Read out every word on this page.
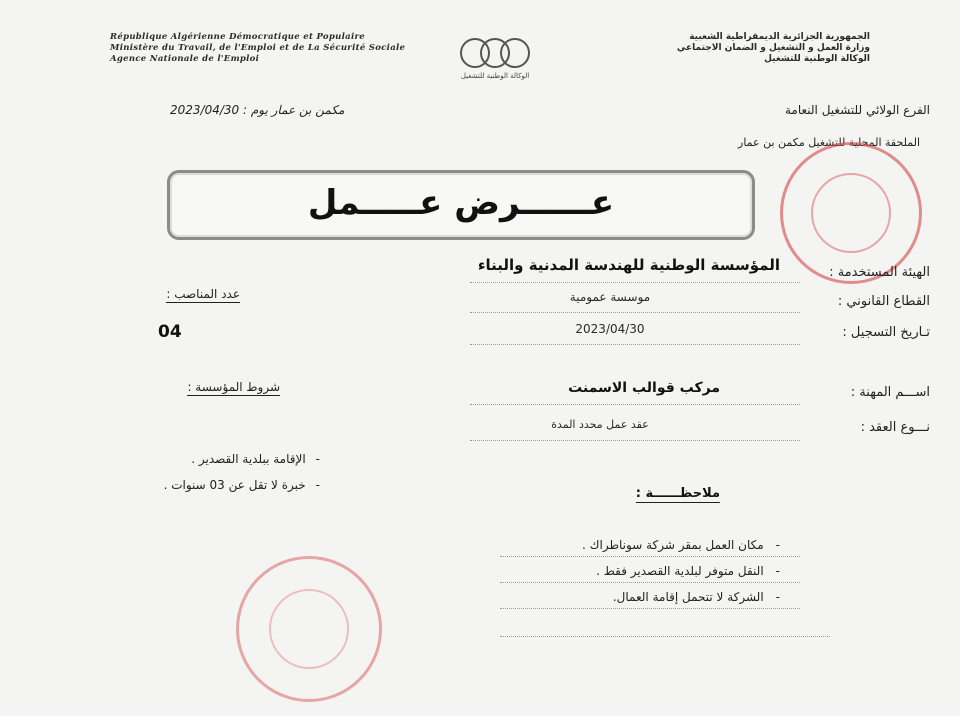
République Algérienne Démocratique et Populaire
Ministère du Travail, de l'Emploi et de La Sécurité Sociale
Agence Nationale de l'Emploi
الوكالة الوطنية للتشغيل
الجمهورية الجزائرية الديمقراطية الشعبية
وزارة العمل و التشغيل و الضمان الاجتماعي
الوكالة الوطنية للتشغيل
مكمن بن عمار يوم : 2023/04/30	الفرع الولائي للتشغيل النعامة
الملحقة المحلية للتشغيل مكمن بن عمار
عــــــرض عـــــمل
الهيئة المستخدمة :
المؤسسة الوطنية للهندسة المدنية والبناء
القطاع القانوني :
موسسة عمومية
تـاريخ التسجيل :
2023/04/30
اســـم المهنة :
مركب قوالب الاسمنت
نـــوع العقد :
عقد عمل محدد المدة
عدد المناصب :
04
شروط المؤسسة :
-الإقامة ببلدية القصدير .
-خبرة لا تقل عن 03 سنوات .
ملاحظــــــة :
-مكان العمل بمقر شركة سوناطراك .
-النقل متوفر لبلدية القصدير فقط .
-الشركة لا تتحمل إقامة العمال.
